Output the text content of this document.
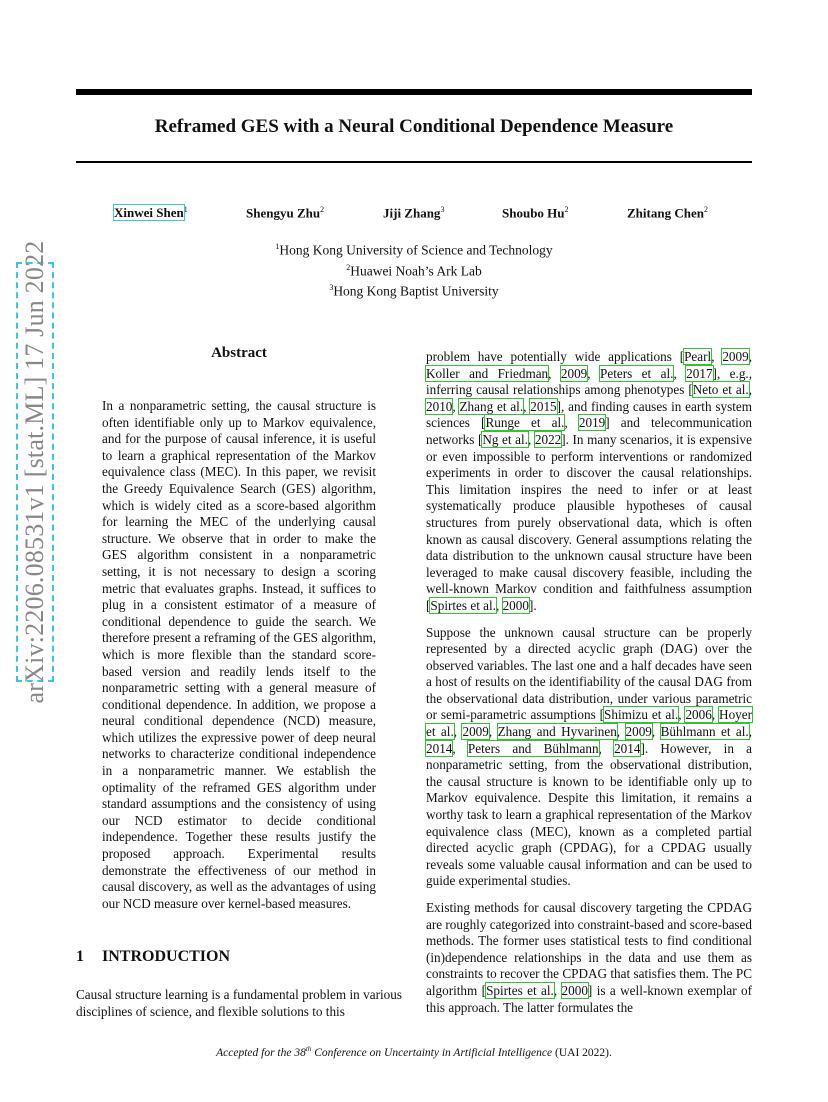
Reframed GES with a Neural Conditional Dependence Measure
Xinwei Shen$^1$	Shengyu Zhu$^2$	Jiji Zhang$^3$	Shoubo Hu$^2$	Zhitang Chen$^2$
$^1$Hong Kong University of Science and Technology
$^2$Huawei Noah’s Ark Lab
$^3$Hong Kong Baptist University
arXiv:2206.08531v1 [stat.ML] 17 Jun 2022	Abstract
In a nonparametric setting, the causal structure is often identifiable only up to Markov equivalence, and for the purpose of causal inference, it is useful to learn a graphical representation of the Markov equivalence class (MEC). In this paper, we revisit the Greedy Equivalence Search (GES) algorithm, which is widely cited as a score-based algorithm for learning the MEC of the underlying causal structure. We observe that in order to make the GES algorithm consistent in a nonparametric setting, it is not necessary to design a scoring metric that evaluates graphs. Instead, it suffices to plug in a consistent estimator of a measure of conditional dependence to guide the search. We therefore present a reframing of the GES algorithm, which is more flexible than the standard score-based version and readily lends itself to the nonparametric setting with a general measure of conditional dependence. In addition, we propose a neural conditional dependence (NCD) measure, which utilizes the expressive power of deep neural networks to characterize conditional independence in a nonparametric manner. We establish the optimality of the reframed GES algorithm under standard assumptions and the consistency of using our NCD estimator to decide conditional independence. Together these results justify the proposed approach. Experimental results demonstrate the effectiveness of our method in causal discovery, as well as the advantages of using our NCD measure over kernel-based measures.
1 INTRODUCTION
Causal structure learning is a fundamental problem in various disciplines of science, and flexible solutions to this

problem have potentially wide applications [Pearl, 2009, Koller and Friedman, 2009, Peters et al., 2017], e.g., inferring causal relationships among phenotypes [Neto et al., 2010, Zhang et al., 2015], and finding causes in earth system sciences [Runge et al., 2019] and telecommunication networks [Ng et al., 2022]. In many scenarios, it is expensive or even impossible to perform interventions or randomized experiments in order to discover the causal relationships. This limitation inspires the need to infer or at least systematically produce plausible hypotheses of causal structures from purely observational data, which is often known as causal discovery. General assumptions relating the data distribution to the unknown causal structure have been leveraged to make causal discovery feasible, including the well-known Markov condition and faithfulness assumption [Spirtes et al., 2000].

Suppose the unknown causal structure can be properly represented by a directed acyclic graph (DAG) over the observed variables. The last one and a half decades have seen a host of results on the identifiability of the causal DAG from the observational data distribution, under various parametric or semi-parametric assumptions [Shimizu et al., 2006, Hoyer et al., 2009, Zhang and Hyvarinen, 2009, Bühlmann et al., 2014, Peters and Bühlmann, 2014]. However, in a nonparametric setting, from the observational distribution, the causal structure is known to be identifiable only up to Markov equivalence. Despite this limitation, it remains a worthy task to learn a graphical representation of the Markov equivalence class (MEC), known as a completed partial directed acyclic graph (CPDAG), for a CPDAG usually reveals some valuable causal information and can be used to guide experimental studies.

Existing methods for causal discovery targeting the CPDAG are roughly categorized into constraint-based and score-based methods. The former uses statistical tests to find conditional (in)dependence relationships in the data and use them as constraints to recover the CPDAG that satisfies them. The PC algorithm [Spirtes et al., 2000] is a well-known exemplar of this approach. The latter formulates the

Accepted for the 38th Conference on Uncertainty in Artificial Intelligence (UAI 2022).
